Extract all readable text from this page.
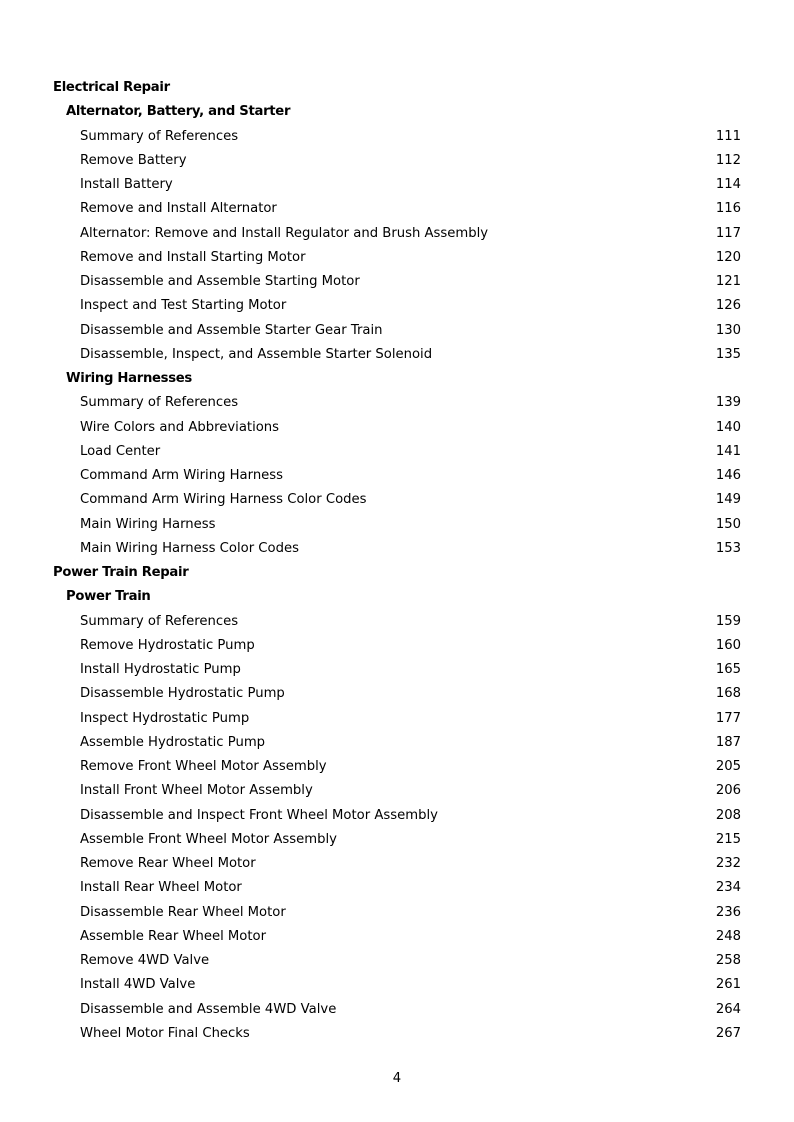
Electrical Repair
Alternator, Battery, and Starter
Summary of References	111
Remove Battery	112
Install Battery	114
Remove and Install Alternator	116
Alternator: Remove and Install Regulator and Brush Assembly	117
Remove and Install Starting Motor	120
Disassemble and Assemble Starting Motor	121
Inspect and Test Starting Motor	126
Disassemble and Assemble Starter Gear Train	130
Disassemble, Inspect, and Assemble Starter Solenoid	135
Wiring Harnesses
Summary of References	139
Wire Colors and Abbreviations	140
Load Center	141
Command Arm Wiring Harness	146
Command Arm Wiring Harness Color Codes	149
Main Wiring Harness	150
Main Wiring Harness Color Codes	153
Power Train Repair
Power Train
Summary of References	159
Remove Hydrostatic Pump	160
Install Hydrostatic Pump	165
Disassemble Hydrostatic Pump	168
Inspect Hydrostatic Pump	177
Assemble Hydrostatic Pump	187
Remove Front Wheel Motor Assembly	205
Install Front Wheel Motor Assembly	206
Disassemble and Inspect Front Wheel Motor Assembly	208
Assemble Front Wheel Motor Assembly	215
Remove Rear Wheel Motor	232
Install Rear Wheel Motor	234
Disassemble Rear Wheel Motor	236
Assemble Rear Wheel Motor	248
Remove 4WD Valve	258
Install 4WD Valve	261
Disassemble and Assemble 4WD Valve	264
Wheel Motor Final Checks	267
4
